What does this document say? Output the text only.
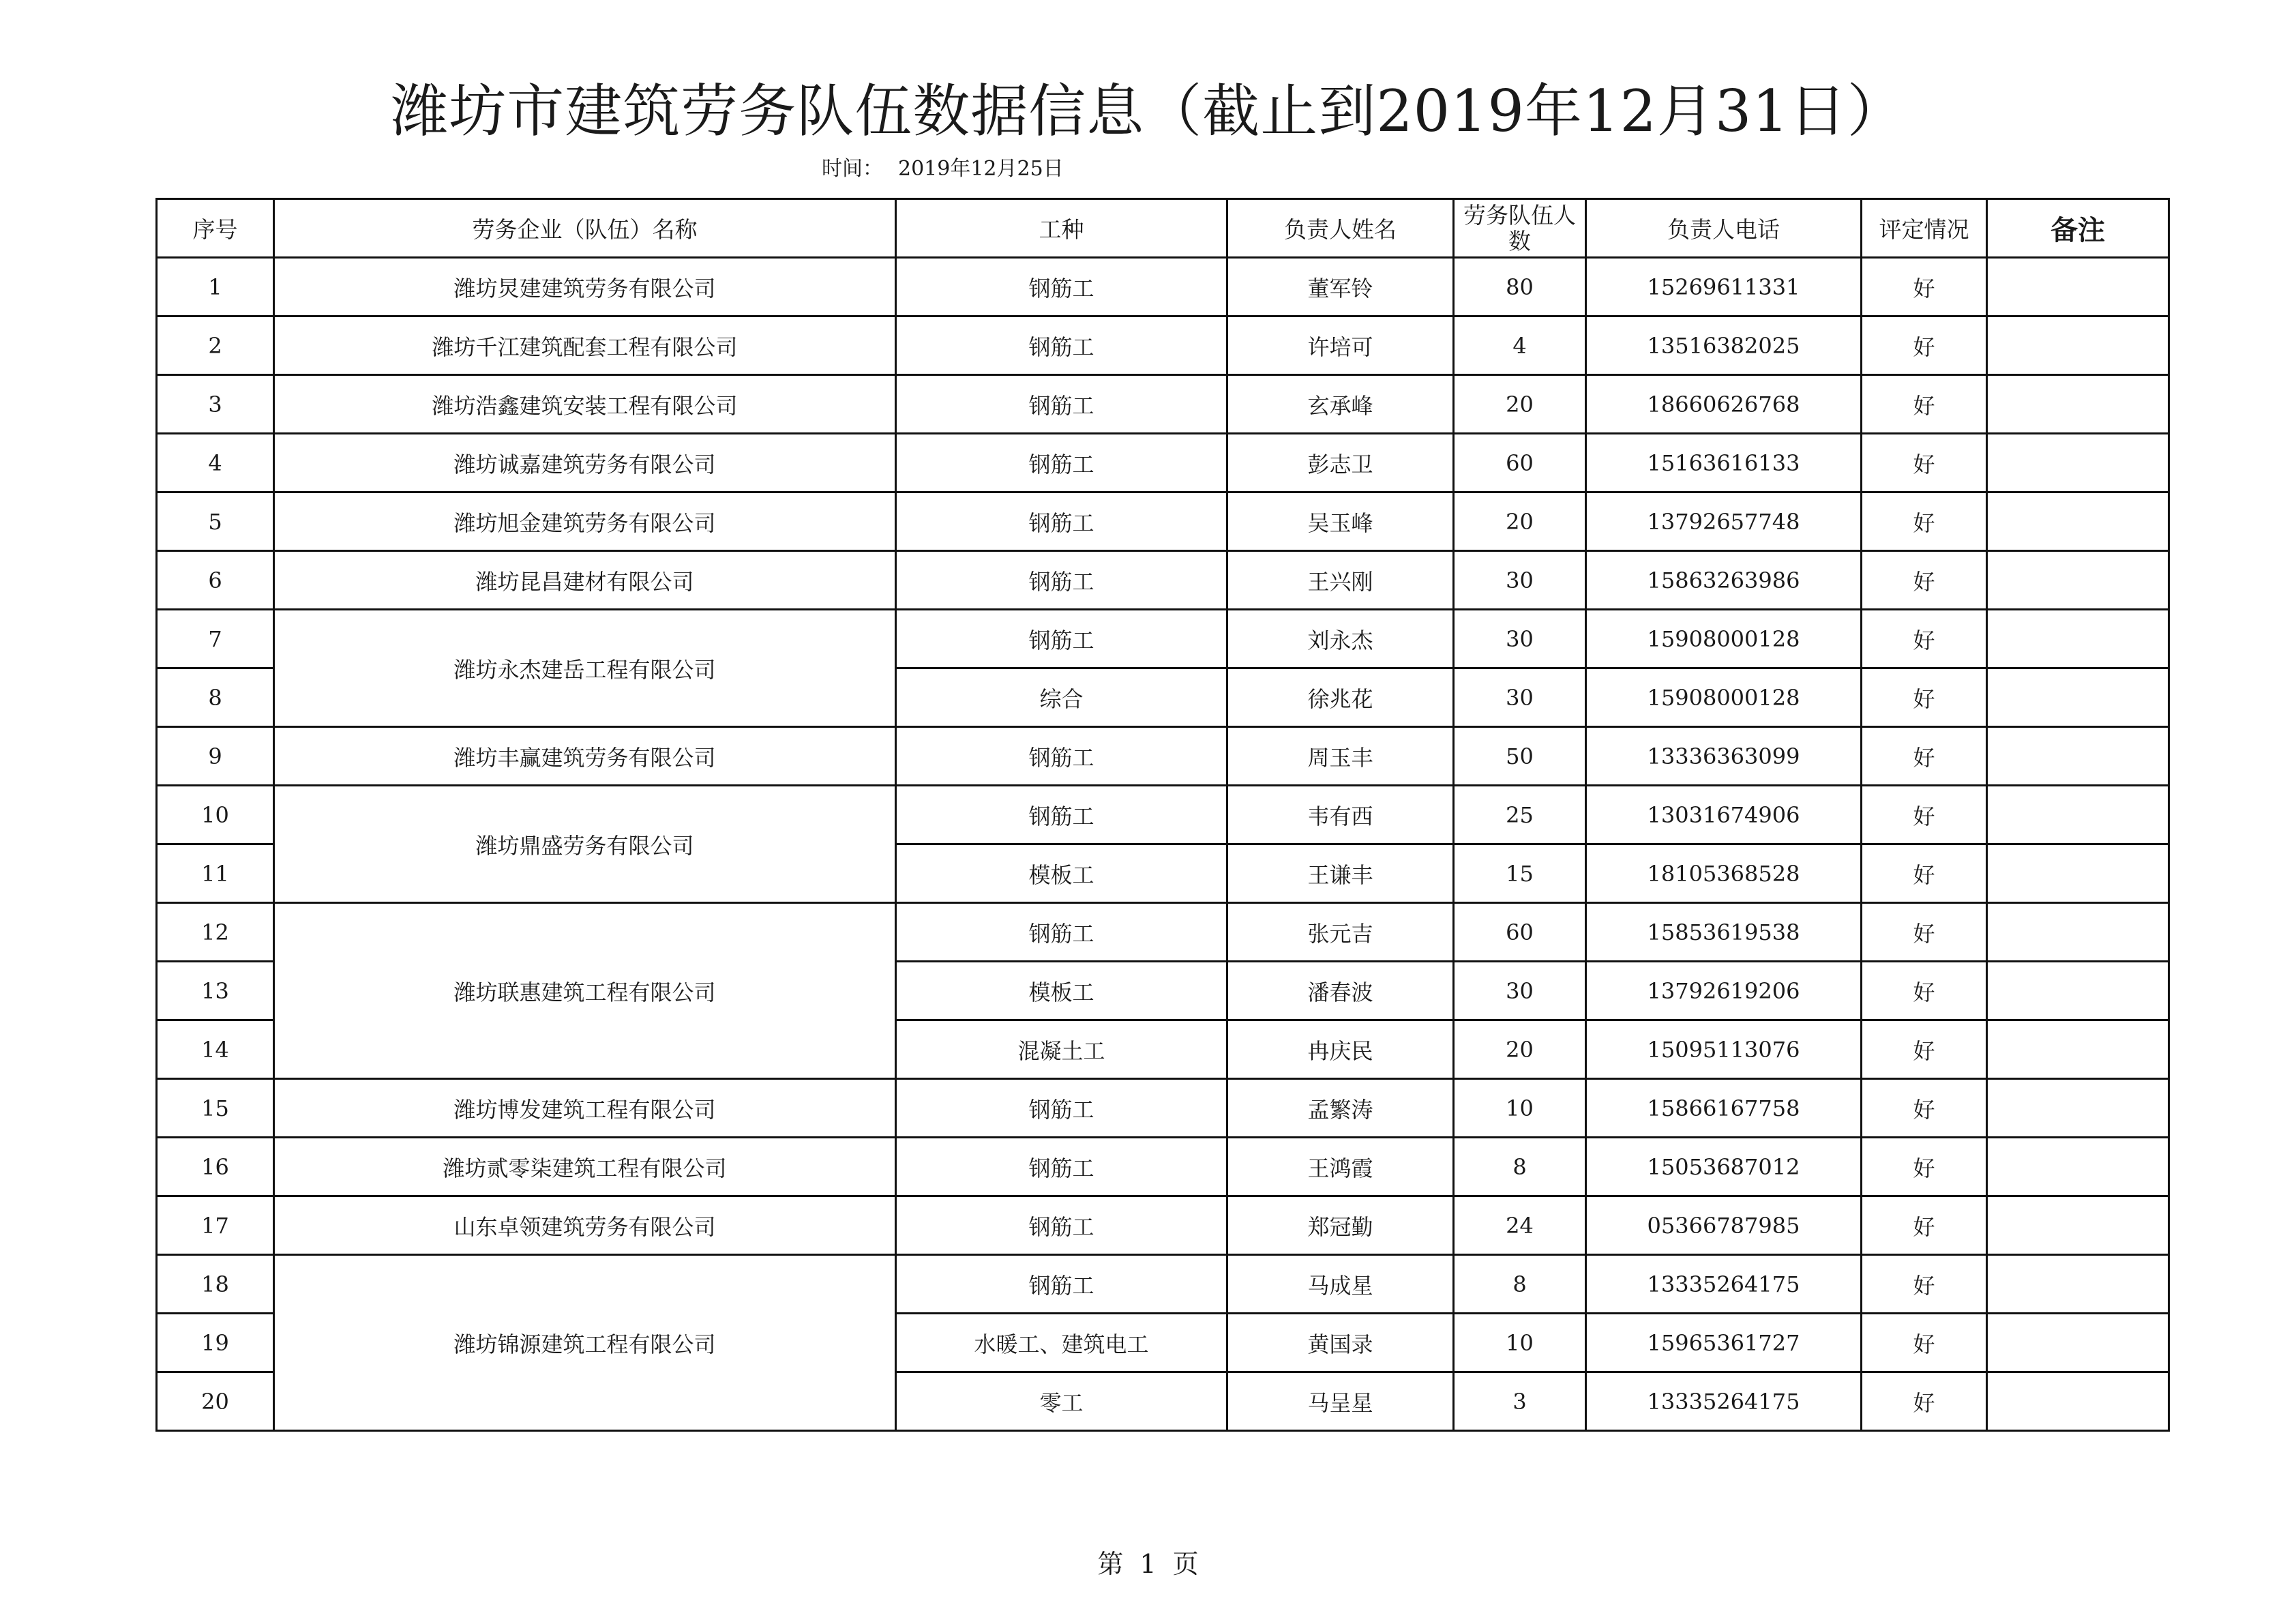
潍坊市建筑劳务队伍数据信息（截止到2019年12月31日）
时间： 2019年12月25日
序号	劳务企业（队伍）名称	工种	负责人姓名	劳务队伍人数	负责人电话	评定情况	备注
1	潍坊炅建建筑劳务有限公司	钢筋工	董军铃	80	15269611331	好	
2	潍坊千江建筑配套工程有限公司	钢筋工	许培可	4	13516382025	好	
3	潍坊浩鑫建筑安装工程有限公司	钢筋工	玄承峰	20	18660626768	好	
4	潍坊诚嘉建筑劳务有限公司	钢筋工	彭志卫	60	15163616133	好	
5	潍坊旭金建筑劳务有限公司	钢筋工	吴玉峰	20	13792657748	好	
6	潍坊昆昌建材有限公司	钢筋工	王兴刚	30	15863263986	好	
7	潍坊永杰建岳工程有限公司	钢筋工	刘永杰	30	15908000128	好	
8		综合	徐兆花	30	15908000128	好	
9	潍坊丰赢建筑劳务有限公司	钢筋工	周玉丰	50	13336363099	好	
10	潍坊鼎盛劳务有限公司	钢筋工	韦有西	25	13031674906	好	
11		模板工	王谦丰	15	18105368528	好	
12	潍坊联惠建筑工程有限公司	钢筋工	张元吉	60	15853619538	好	
13		模板工	潘春波	30	13792619206	好	
14		混凝土工	冉庆民	20	15095113076	好	
15	潍坊博发建筑工程有限公司	钢筋工	孟繁涛	10	15866167758	好	
16	潍坊贰零柒建筑工程有限公司	钢筋工	王鸿霞	8	15053687012	好	
17	山东卓领建筑劳务有限公司	钢筋工	郑冠勤	24	05366787985	好	
18	潍坊锦源建筑工程有限公司	钢筋工	马成星	8	13335264175	好	
19		水暖工、建筑电工	黄国录	10	15965361727	好	
20		零工	马呈星	3	13335264175	好	
第 1 页
